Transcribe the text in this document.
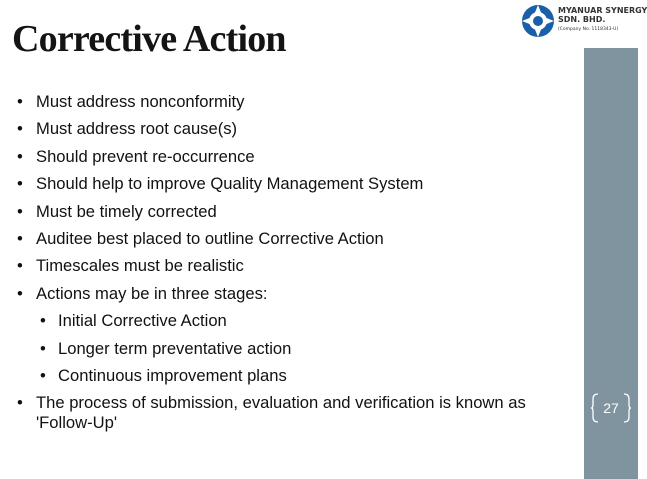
MYANUAR SYNERGY
SDN. BHD.
(Company No. 1118343-U)
Corrective Action
• Must address nonconformity
• Must address root cause(s)
• Should prevent re-occurrence
• Should help to improve Quality Management System
• Must be timely corrected
• Auditee best placed to outline Corrective Action
• Timescales must be realistic
• Actions may be in three stages:
• Initial Corrective Action
• Longer term preventative action
• Continuous improvement plans
• The process of submission, evaluation and verification is known as 'Follow-Up'
27
